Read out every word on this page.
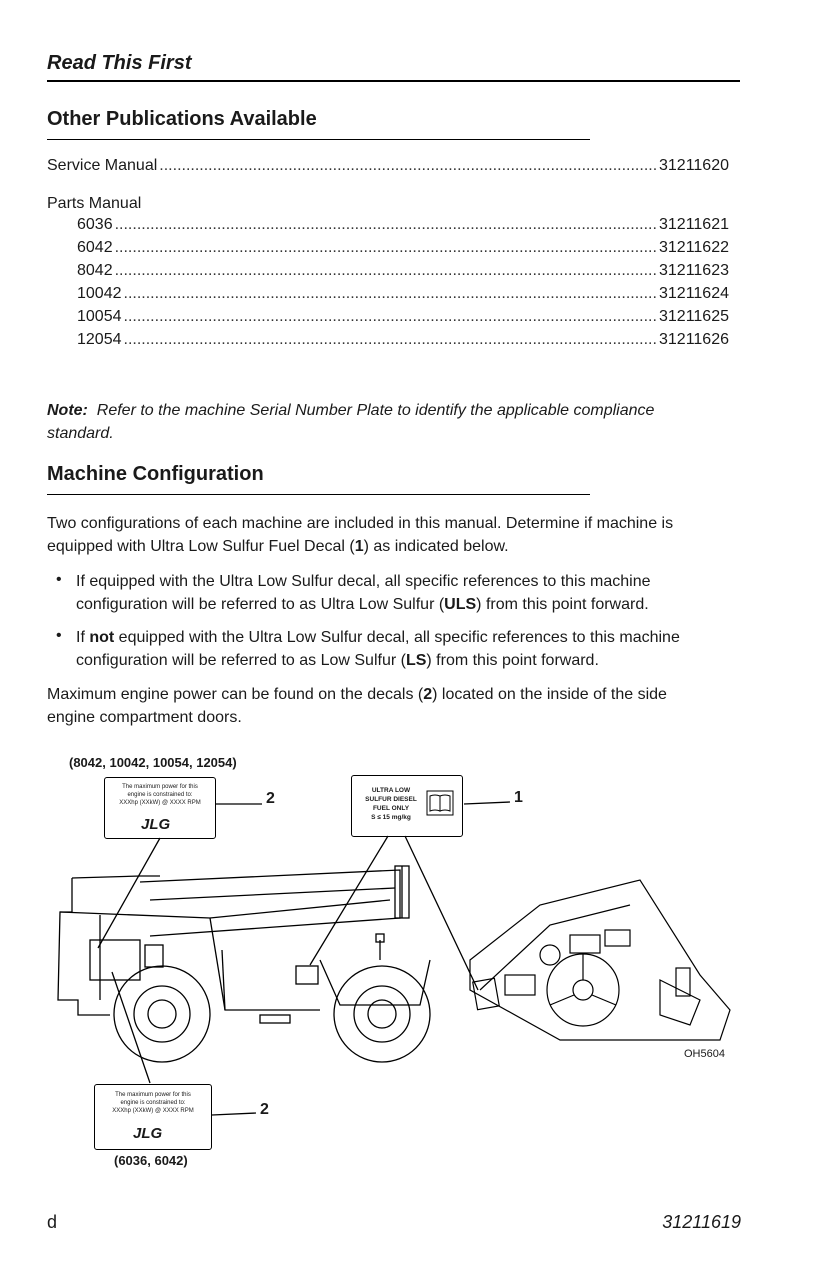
Read This First
Other Publications Available
Service Manual .....	31211620
Parts Manual
6036 .....	31211621
6042 .....	31211622
8042 .....	31211623
10042 .....	31211624
10054 .....	31211625
12054 .....	31211626
Note: Refer to the machine Serial Number Plate to identify the applicable compliance
standard.
Machine Configuration
Two configurations of each machine are included in this manual. Determine if machine is
equipped with Ultra Low Sulfur Fuel Decal (1) as indicated below.
• If equipped with the Ultra Low Sulfur decal, all specific references to this machine
configuration will be referred to as Ultra Low Sulfur (ULS) from this point forward.
• If not equipped with the Ultra Low Sulfur decal, all specific references to this machine
configuration will be referred to as Low Sulfur (LS) from this point forward.
Maximum engine power can be found on the decals (2) located on the inside of the side
engine compartment doors.
(8042, 10042, 10054, 12054)
(6036, 6042)
The maximum power for this
engine is constrained to:
XXXhp (XXkW) @ XXXX RPM
JLG
The maximum power for this
engine is constrained to:
XXXhp (XXkW) @ XXXX RPM
JLG
ULTRA LOW
SULFUR DIESEL
FUEL ONLY
S ≤ 15 mg/kg
2	1
2
OH5604
d	31211619
